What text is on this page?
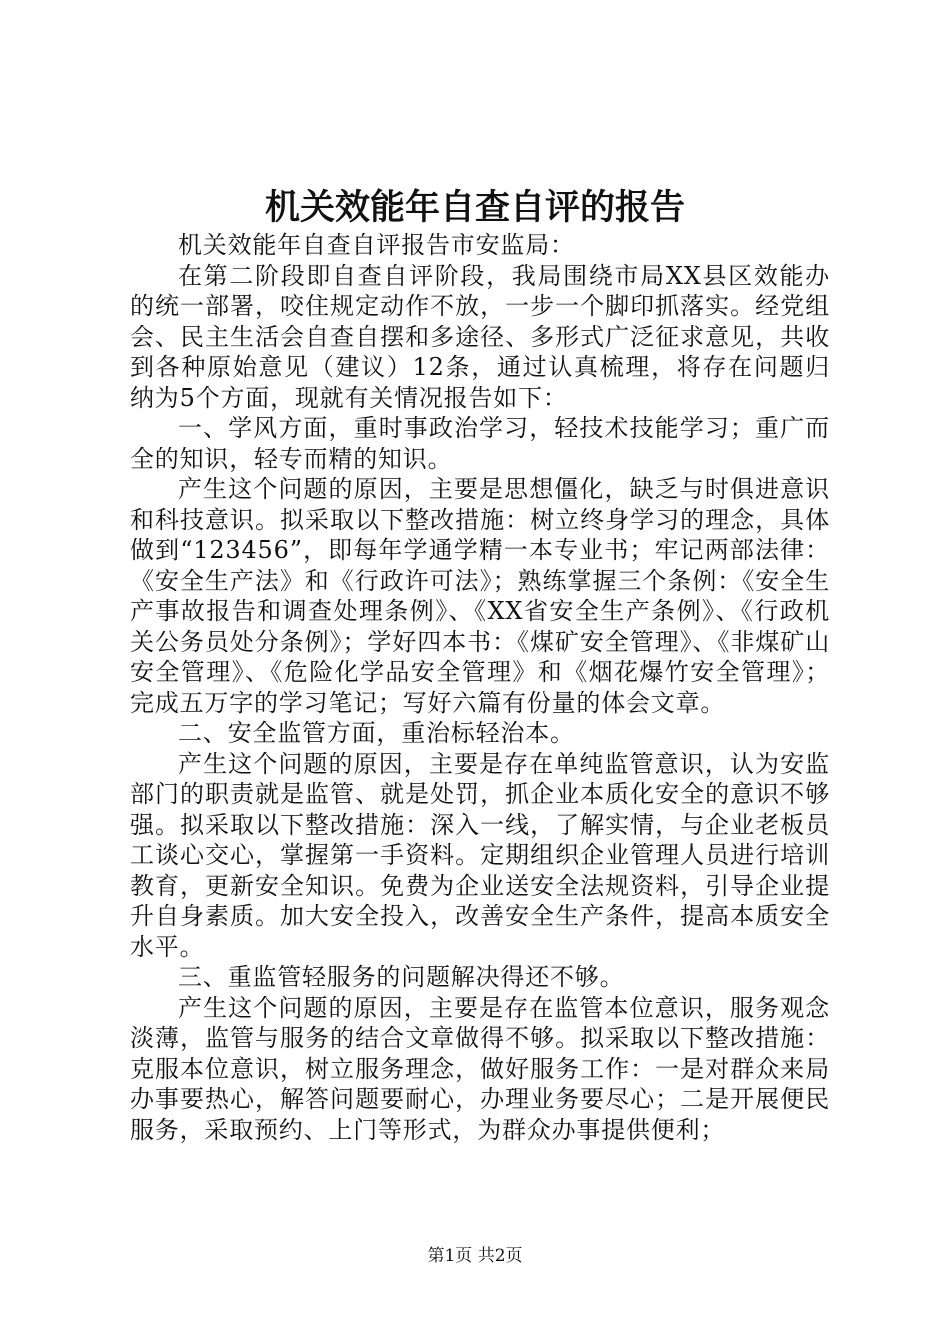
机关效能年自查自评的报告

机关效能年自查自评报告市安监局：

在第二阶段即自查自评阶段，我局围绕市局XX县区效能办的统一部署，咬住规定动作不放，一步一个脚印抓落实。经党组会、民主生活会自查自摆和多途径、多形式广泛征求意见，共收到各种原始意见（建议）12条，通过认真梳理，将存在问题归纳为5个方面，现就有关情况报告如下：

一、学风方面，重时事政治学习，轻技术技能学习；重广而全的知识，轻专而精的知识。

产生这个问题的原因，主要是思想僵化，缺乏与时俱进意识和科技意识。拟采取以下整改措施：树立终身学习的理念，具体做到“123456”，即每年学通学精一本专业书；牢记两部法律：《安全生产法》和《行政许可法》；熟练掌握三个条例：《安全生产事故报告和调查处理条例》、《XX省安全生产条例》、《行政机关公务员处分条例》；学好四本书：《煤矿安全管理》、《非煤矿山安全管理》、《危险化学品安全管理》和《烟花爆竹安全管理》；完成五万字的学习笔记；写好六篇有份量的体会文章。

二、安全监管方面，重治标轻治本。

产生这个问题的原因，主要是存在单纯监管意识，认为安监部门的职责就是监管、就是处罚，抓企业本质化安全的意识不够强。拟采取以下整改措施：深入一线，了解实情，与企业老板员工谈心交心，掌握第一手资料。定期组织企业管理人员进行培训教育，更新安全知识。免费为企业送安全法规资料，引导企业提升自身素质。加大安全投入，改善安全生产条件，提高本质安全水平。

三、重监管轻服务的问题解决得还不够。

产生这个问题的原因，主要是存在监管本位意识，服务观念淡薄，监管与服务的结合文章做得不够。拟采取以下整改措施：克服本位意识，树立服务理念，做好服务工作：一是对群众来局办事要热心，解答问题要耐心，办理业务要尽心；二是开展便民服务，采取预约、上门等形式，为群众办事提供便利；

第1页 共2页
